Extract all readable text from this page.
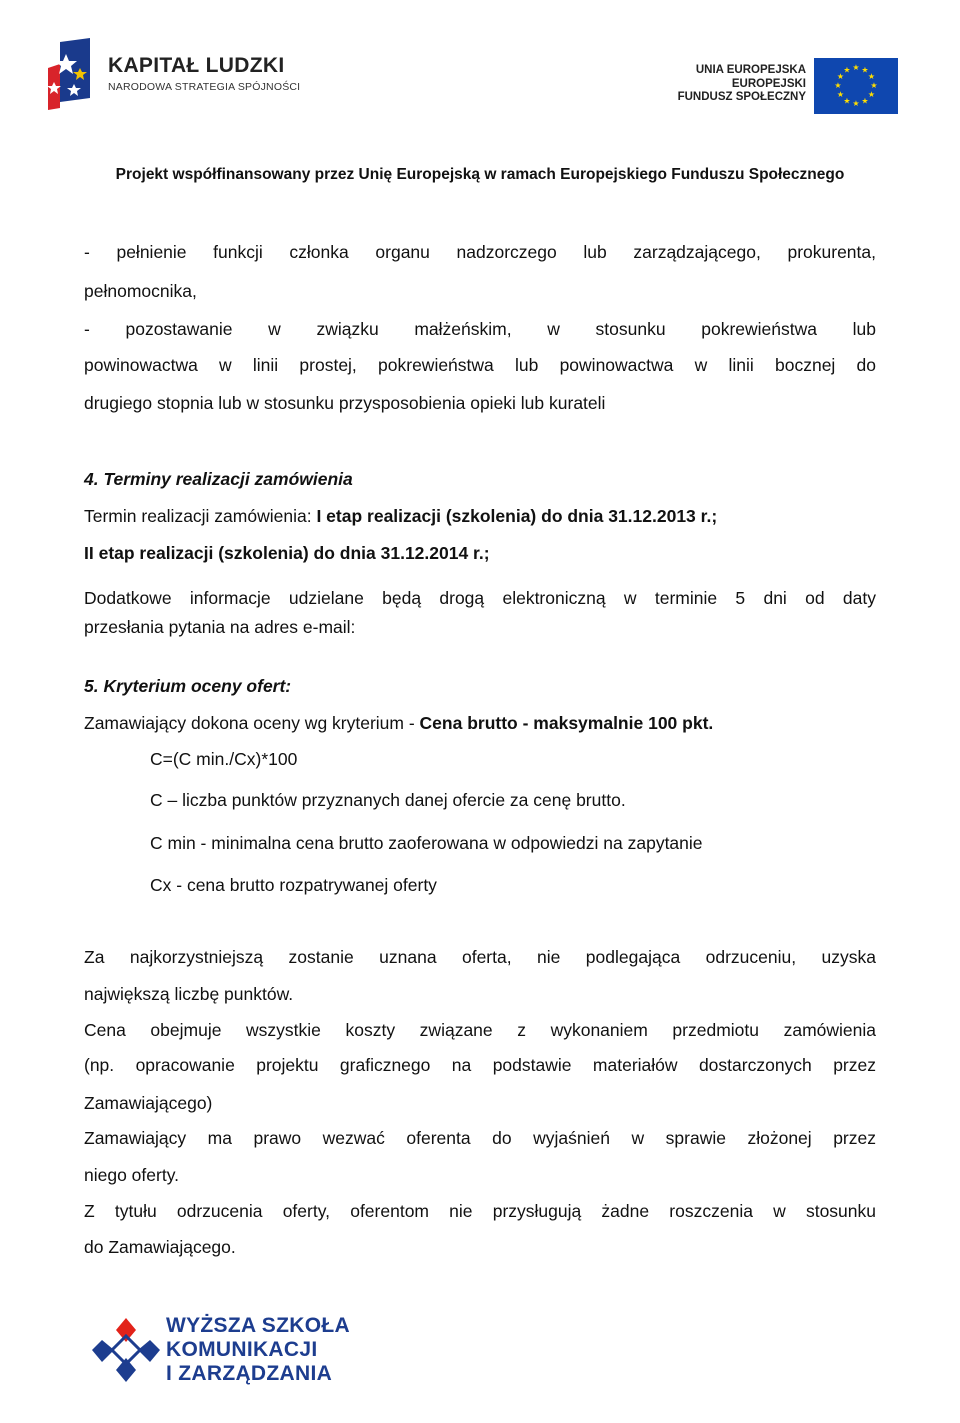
KAPITAŁ LUDZKI
NARODOWA STRATEGIA SPÓJNOŚCI
UNIA EUROPEJSKA
EUROPEJSKI
FUNDUSZ SPOŁECZNY
★ ★
★
★
★
★
★
★
★
★
★
★
Projekt współfinansowany przez Unię Europejską w ramach Europejskiego Funduszu Społecznego
- pełnienie funkcji członka organu nadzorczego lub zarządzającego, prokurenta,
pełnomocnika,
- pozostawanie w związku małżeńskim, w stosunku pokrewieństwa lub
powinowactwa w linii prostej, pokrewieństwa lub powinowactwa w linii bocznej do
drugiego stopnia lub w stosunku przysposobienia opieki lub kurateli
4. Terminy realizacji zamówienia
Termin realizacji zamówienia: I etap realizacji (szkolenia) do dnia 31.12.2013 r.;
II etap realizacji (szkolenia) do dnia 31.12.2014 r.;
Dodatkowe informacje udzielane będą drogą elektroniczną w terminie 5 dni od daty
przesłania pytania na adres e-mail:
5. Kryterium oceny ofert:
Zamawiający dokona oceny wg kryterium - Cena brutto - maksymalnie 100 pkt.
C=(C min./Cx)*100
C – liczba punktów przyznanych danej ofercie za cenę brutto.
C min - minimalna cena brutto zaoferowana w odpowiedzi na zapytanie
Cx - cena brutto rozpatrywanej oferty
Za najkorzystniejszą zostanie uznana oferta, nie podlegająca odrzuceniu, uzyska
największą liczbę punktów.
Cena obejmuje wszystkie koszty związane z wykonaniem przedmiotu zamówienia
(np. opracowanie projektu graficznego na podstawie materiałów dostarczonych przez
Zamawiającego)
Zamawiający ma prawo wezwać oferenta do wyjaśnień w sprawie złożonej przez
niego oferty.
Z tytułu odrzucenia oferty, oferentom nie przysługują żadne roszczenia w stosunku
do Zamawiającego.
WYŻSZA SZKOŁA
KOMUNIKACJI
I ZARZĄDZANIA
